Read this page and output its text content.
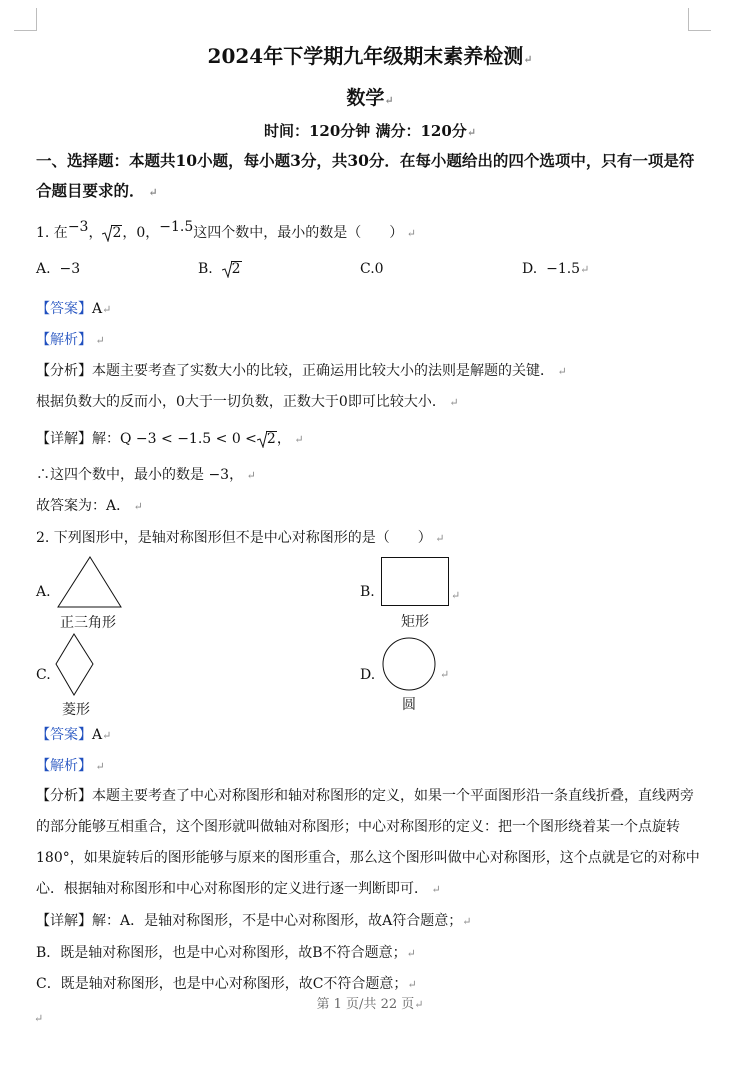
2024年下学期九年级期末素养检测↵
数学↵
时间：120分钟 满分：120分↵
一、选择题：本题共10小题，每小题3分，共30分．在每小题给出的四个选项中，只有一项是符合题目要求的． ↵
1. 在−3， 2，0，−1.5这四个数中，最小的数是（　　） ↵
A. −3	B. 2	C.0	D. −1.5↵
【答案】A↵
【解析】 ↵
【分析】本题主要考查了实数大小的比较，正确运用比较大小的法则是解题的关键． ↵
根据负数大的反而小，0大于一切负数，正数大于0即可比较大小． ↵
【详解】解：Q −3 < −1.5 < 0 < 2， ↵
∴这四个数中，最小的数是 −3， ↵
故答案为：A． ↵
2. 下列图形中，是轴对称图形但不是中心对称图形的是（　　） ↵
A.
正三角形
B.	↵
矩形
C.
菱形
D.	↵
圆
【答案】A↵
【解析】 ↵
【分析】本题主要考查了中心对称图形和轴对称图形的定义，如果一个平面图形沿一条直线折叠，直线两旁的部分能够互相重合，这个图形就叫做轴对称图形；中心对称图形的定义：把一个图形绕着某一个点旋转180°，如果旋转后的图形能够与原来的图形重合，那么这个图形叫做中心对称图形，这个点就是它的对称中心．根据轴对称图形和中心对称图形的定义进行逐一判断即可． ↵
【详解】解：A．是轴对称图形，不是中心对称图形，故A符合题意；↵
B．既是轴对称图形，也是中心对称图形，故B不符合题意；↵
C．既是轴对称图形，也是中心对称图形，故C不符合题意；↵
第 1 页/共 22 页↵
↵
